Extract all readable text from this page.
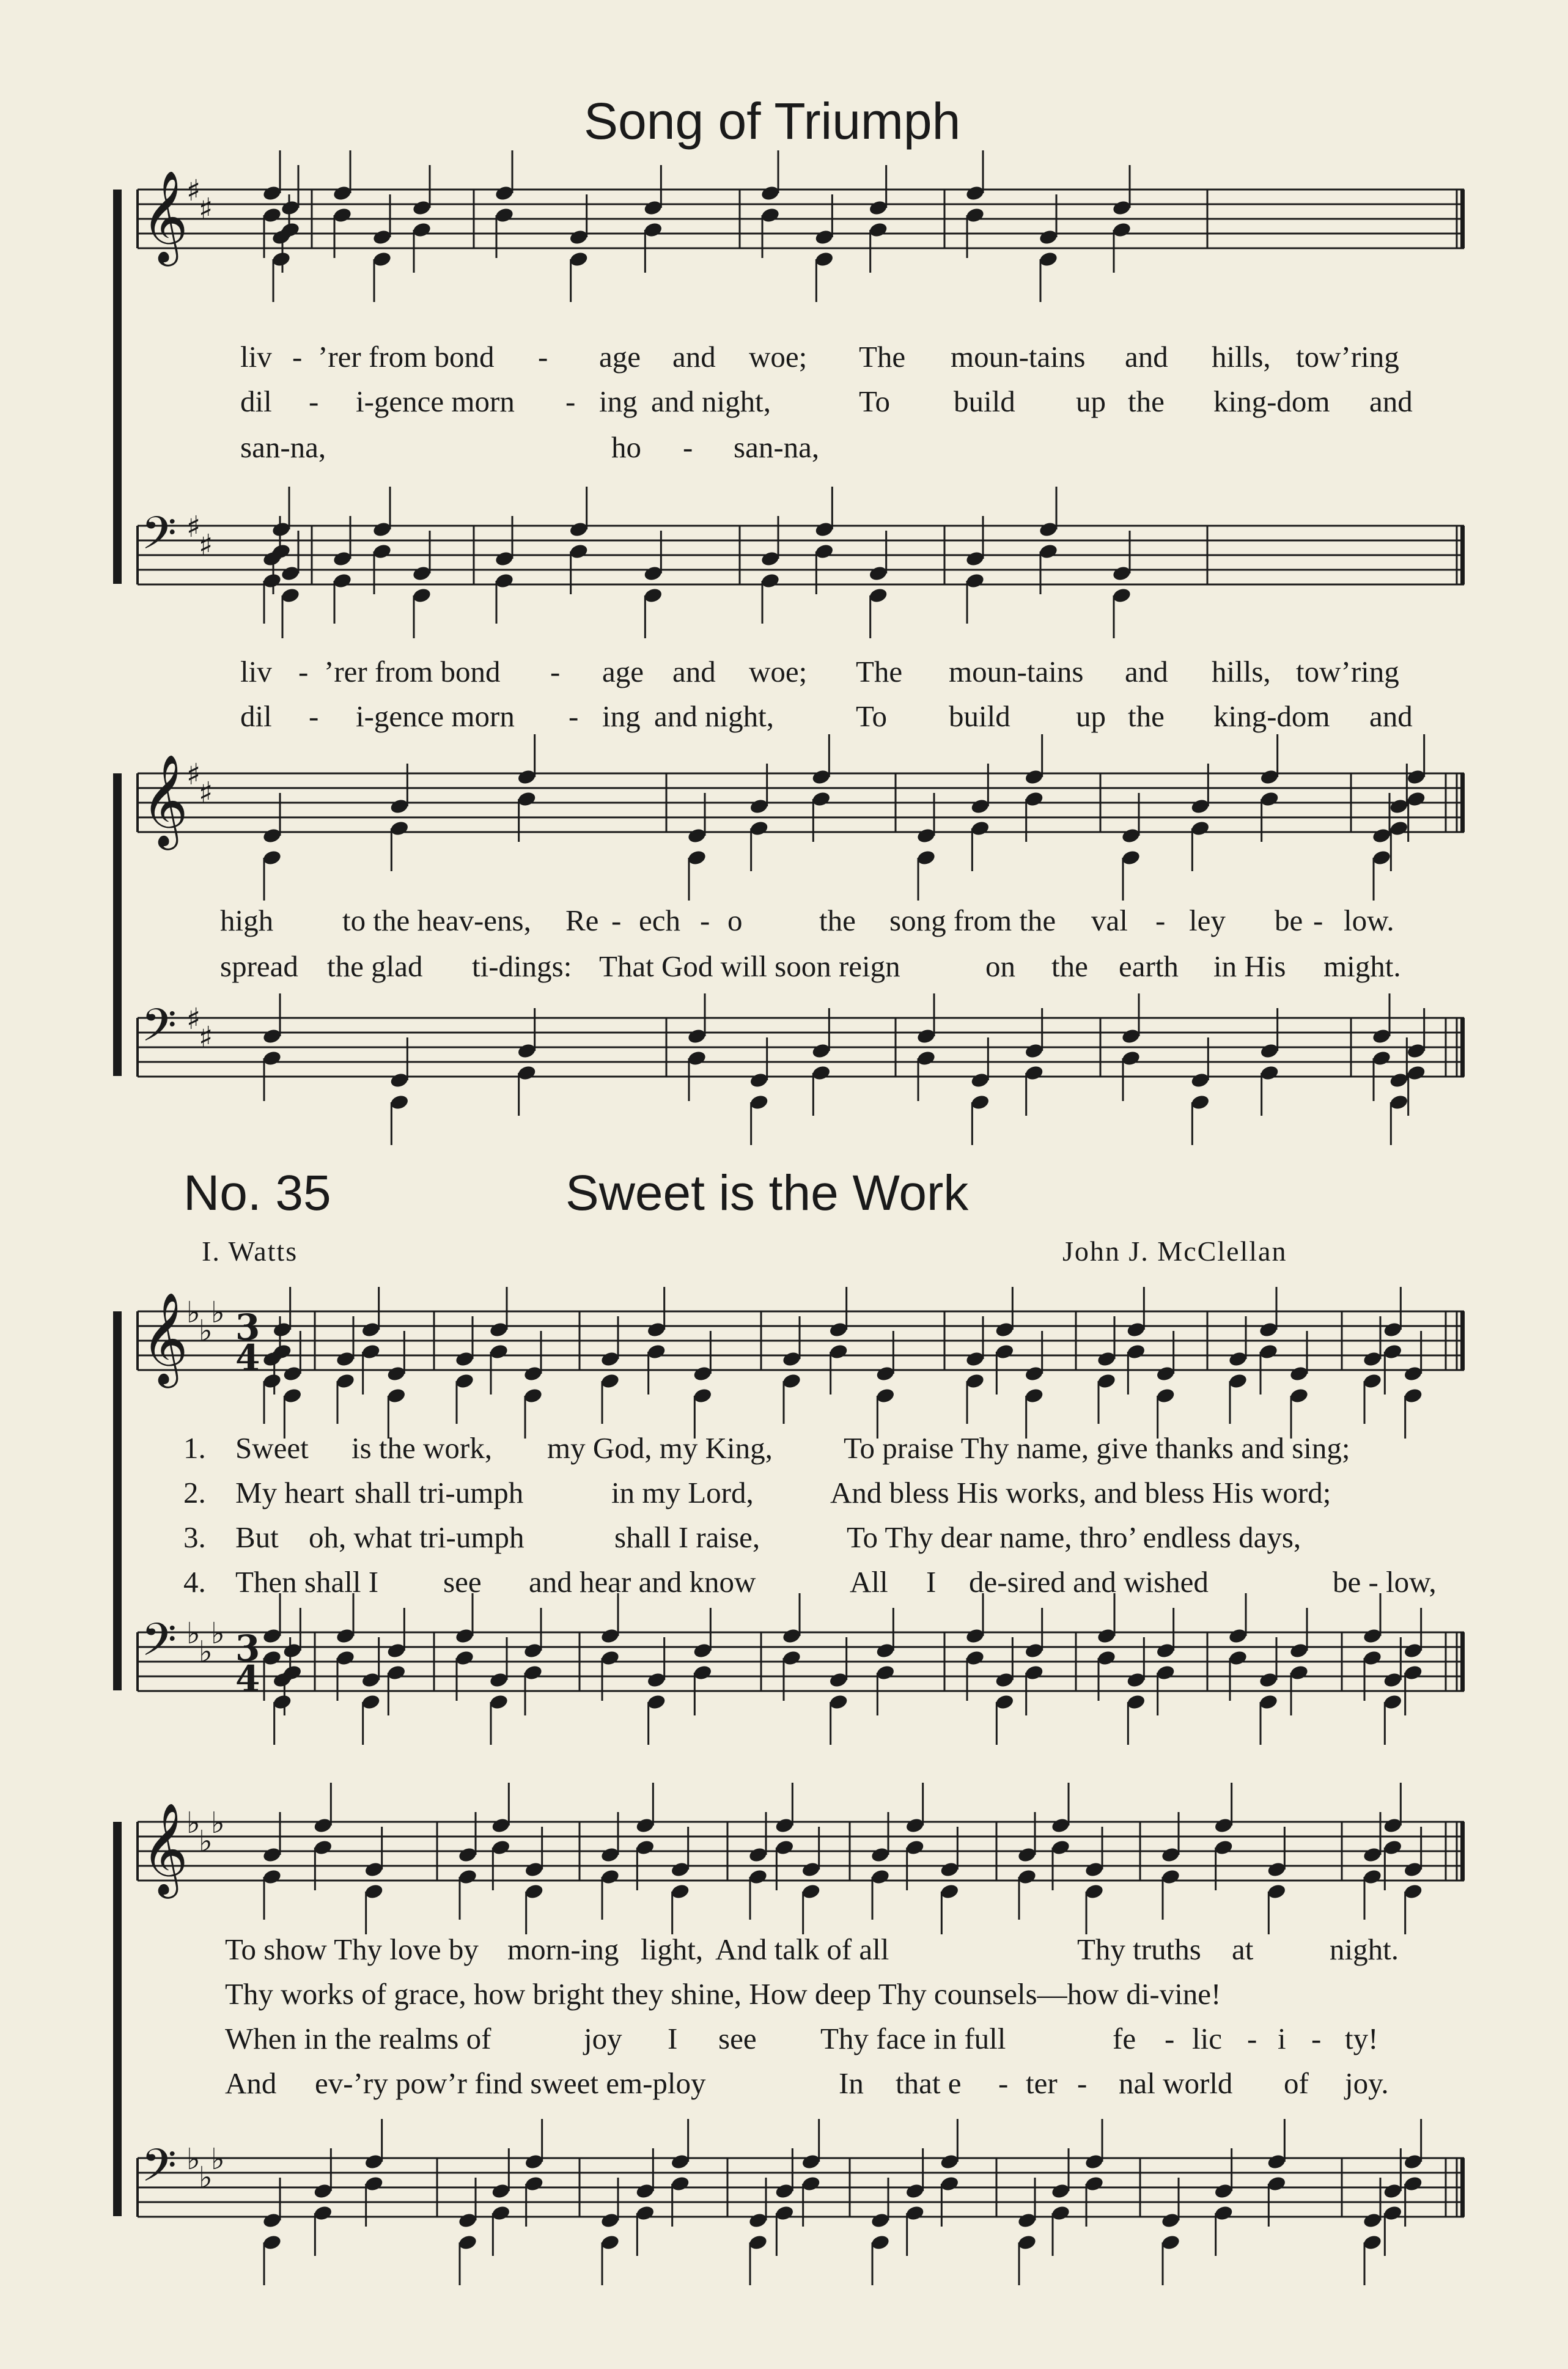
𝄞
♯
♯
𝄢 ♯
♯
𝄞
♯
♯
𝄢 ♯
♯
𝄞
♭
♭
♭
𝄢 ♭
♭
♭
𝄞
♭
♭
♭
𝄢 ♭
♭
♭
3
4
3
4
Song of Triumph
No. 35	Sweet is the Work
I. Watts	John J. McClellan
liv - ’rer from bond - age and woe; The moun-tains and hills, tow’ring
dil - i-gence morn - ing and night,	To build up the king-dom and
san-na,	ho - san-na,
liv - ’rer from bond - age and woe; The moun-tains and hills, tow’ring
dil - i-gence morn - ing and night,	To build up the king-dom and
high to the heav-ens, Re - ech - o	the song from the val - ley be - low.
spread the glad ti-dings: That God will soon reign	on the earth in His might.
1. Sweet is the work, my God, my King, To praise Thy name, give thanks and sing;
2. My heart shall tri-umph	in my Lord,	And bless His works, and bless His word;
3. But oh, what tri-umph	shall I raise,	To Thy dear name, thro’ endless days,
4. Then shall I see and hear and know	All I de-sired and wished	be - low,
To show Thy love by morn-ing light, And talk of all	Thy truths at	night.
Thy works of grace, how bright they shine, How deep Thy counsels—how di-vine!
When in the realms of	joy I see Thy face in full	fe - lic - i - ty!
And ev-’ry pow’r find sweet em-ploy	In that e - ter - nal world of joy.
